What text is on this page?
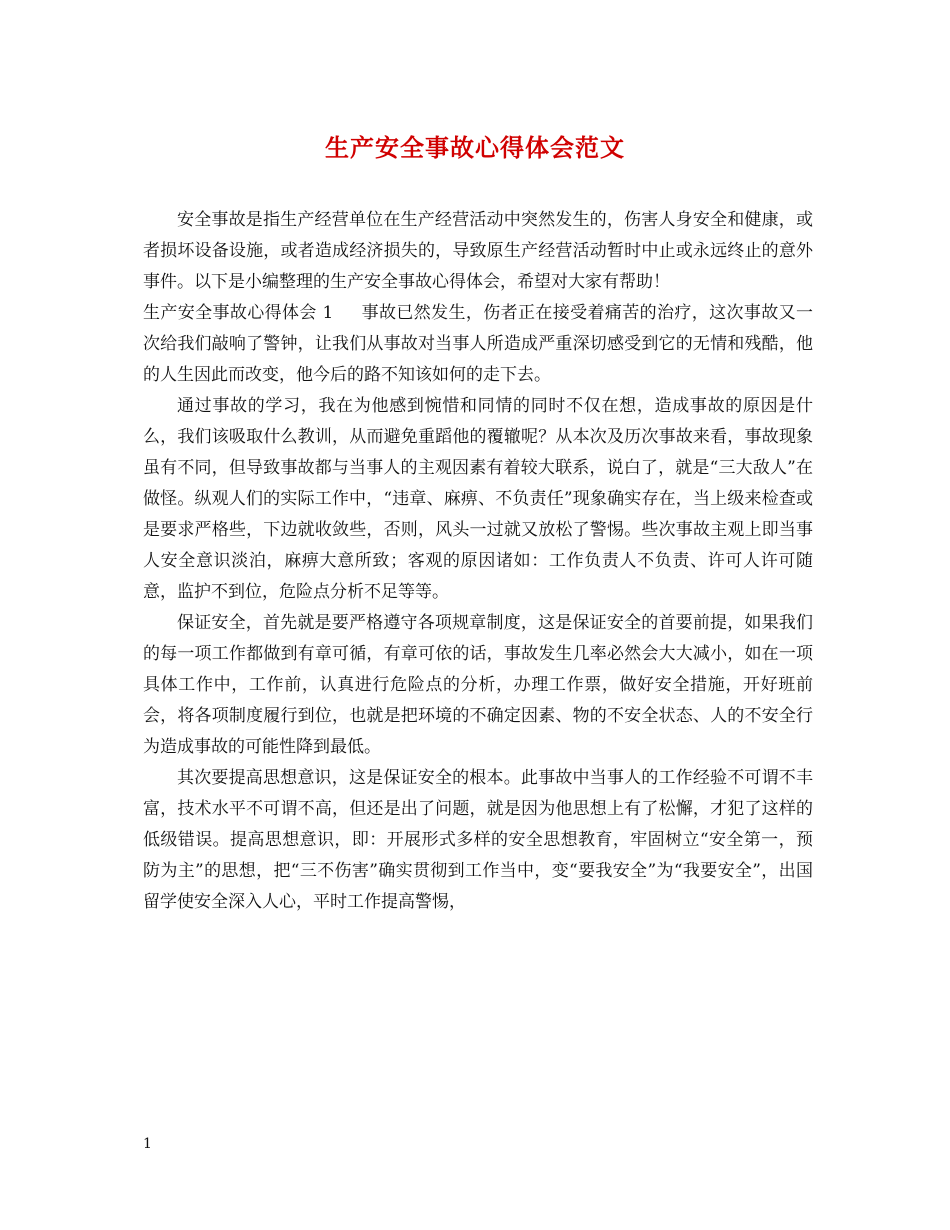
生产安全事故心得体会范文

安全事故是指生产经营单位在生产经营活动中突然发生的，伤害人身安全和健康，或者损坏设备设施，或者造成经济损失的，导致原生产经营活动暂时中止或永远终止的意外事件。以下是小编整理的生产安全事故心得体会，希望对大家有帮助！

生产安全事故心得体会 1 事故已然发生，伤者正在接受着痛苦的治疗，这次事故又一次给我们敲响了警钟，让我们从事故对当事人所造成严重深切感受到它的无情和残酷，他的人生因此而改变，他今后的路不知该如何的走下去。

通过事故的学习，我在为他感到惋惜和同情的同时不仅在想，造成事故的原因是什么，我们该吸取什么教训，从而避免重蹈他的覆辙呢？从本次及历次事故来看，事故现象虽有不同，但导致事故都与当事人的主观因素有着较大联系，说白了，就是“三大敌人”在做怪。纵观人们的实际工作中，“违章、麻痹、不负责任”现象确实存在，当上级来检查或是要求严格些，下边就收敛些，否则，风头一过就又放松了警惕。些次事故主观上即当事人安全意识淡泊，麻痹大意所致；客观的原因诸如：工作负责人不负责、许可人许可随意，监护不到位，危险点分析不足等等。

保证安全，首先就是要严格遵守各项规章制度，这是保证安全的首要前提，如果我们的每一项工作都做到有章可循，有章可依的话，事故发生几率必然会大大减小，如在一项具体工作中，工作前，认真进行危险点的分析，办理工作票，做好安全措施，开好班前会，将各项制度履行到位，也就是把环境的不确定因素、物的不安全状态、人的不安全行为造成事故的可能性降到最低。

其次要提高思想意识，这是保证安全的根本。此事故中当事人的工作经验不可谓不丰富，技术水平不可谓不高，但还是出了问题，就是因为他思想上有了松懈，才犯了这样的低级错误。提高思想意识，即：开展形式多样的安全思想教育，牢固树立“安全第一，预防为主”的思想，把“三不伤害”确实贯彻到工作当中，变“要我安全”为“我要安全”，出国留学使安全深入人心，平时工作提高警惕，

1
